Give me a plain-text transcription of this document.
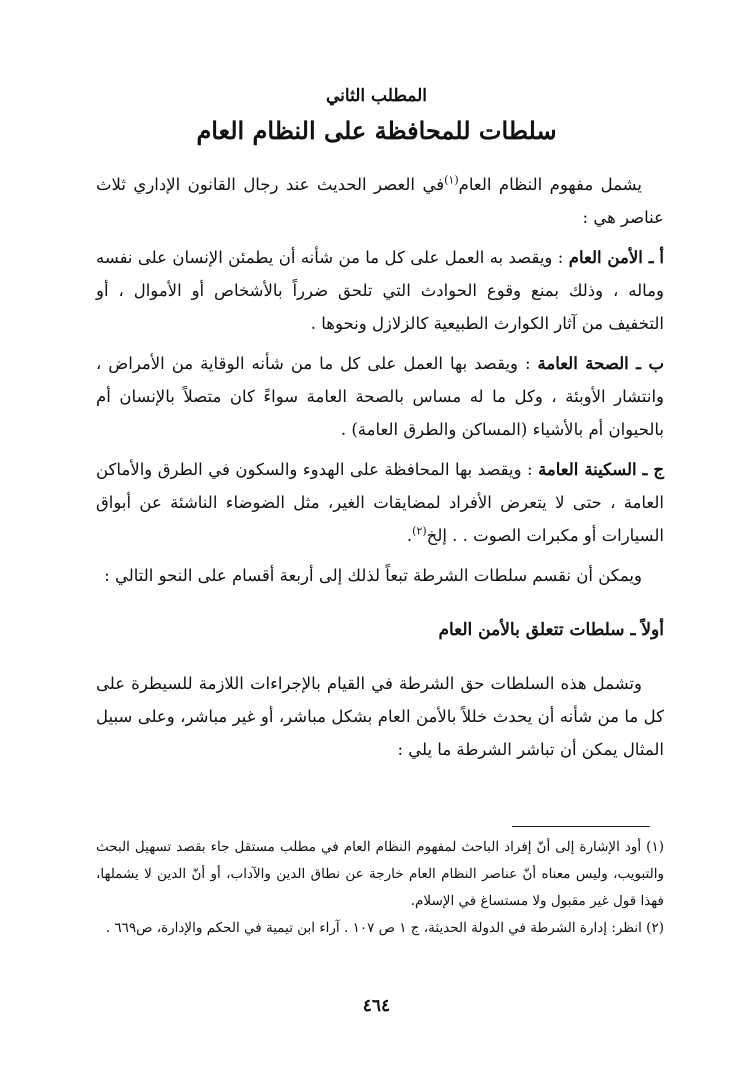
المطلب الثاني
سلطات للمحافظة على النظام العام

يشمل مفهوم النظام العام$^{(١)}$في العصر الحديث عند رجال القانون الإداري ثلاث عناصر هي :

أ ـ الأمن العام : ويقصد به العمل على كل ما من شأنه أن يطمئن الإنسان على نفسه وماله ، وذلك بمنع وقوع الحوادث التي تلحق ضرراً بالأشخاص أو الأموال ، أو التخفيف من آثار الكوارث الطبيعية كالزلازل ونحوها .

ب ـ الصحة العامة : ويقصد بها العمل على كل ما من شأنه الوقاية من الأمراض ، وانتشار الأوبئة ، وكل ما له مساس بالصحة العامة سواءً كان متصلاً بالإنسان أم بالحيوان أم بالأشياء (المساكن والطرق العامة) .

ج ـ السكينة العامة : ويقصد بها المحافظة على الهدوء والسكون في الطرق والأماكن العامة ، حتى لا يتعرض الأفراد لمضايقات الغير، مثل الضوضاء الناشئة عن أبواق السيارات أو مكبرات الصوت . . إلخ$^{(٢)}$.

ويمكن أن نقسم سلطات الشرطة تبعاً لذلك إلى أربعة أقسام على النحو التالي :

أولاً ـ سلطات تتعلق بالأمن العام

وتشمل هذه السلطات حق الشرطة في القيام بالإجراءات اللازمة للسيطرة على كل ما من شأنه أن يحدث خللاً بالأمن العام بشكل مباشر، أو غير مباشر، وعلى سبيل المثال يمكن أن تباشر الشرطة ما يلي :

(١) أود الإشارة إلى أنّ إفراد الباحث لمفهوم النظام العام في مطلب مستقل جاء بقصد تسهيل البحث والتبويب، وليس معناه أنّ عناصر النظام العام خارجة عن نطاق الدين والآداب، أو أنّ الدين لا يشملها، فهذا قول غير مقبول ولا مستساغ في الإسلام.

(٢) انظر: إدارة الشرطة في الدولة الحديثة، ج ١ ص ١٠٧ . آراء ابن تيمية في الحكم والإدارة، ص٦٦٩ .

٤٦٤
